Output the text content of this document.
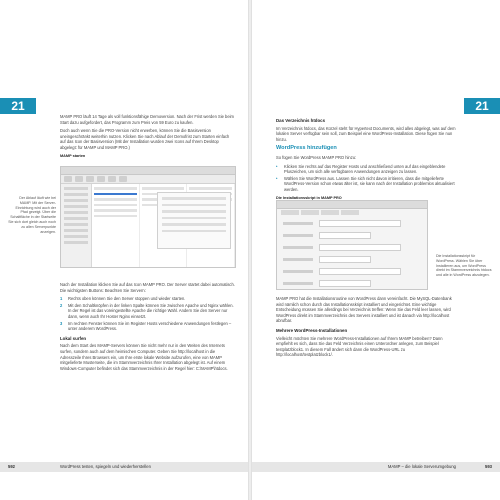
21

MAMP PRO läuft 14 Tage als voll funktionsfähige Demoversion. Nach der Frist werden Sie beim Start dazu aufgefordert, das Programm zum Preis von 59 Euro zu kaufen.

Doch auch wenn Sie die PRO-Version nicht erwerben, können Sie die Basisversion uneingeschränkt weiterhin nutzen. Klicken Sie nach Ablauf der Demofrist zum Starten einfach auf das Icon der Basisversion (Mit der Installation wurden zwei Icons auf Ihrem Desktop abgelegt: für MAMP und MAMP PRO.)

MAMP starten
Der Ablauf läuft wie bei MAMP. Mit der Server-Einrichtung wird auch der Pfad gezeigt. Über die Schaltfläche in der Startseite Sie sich dort gleich auch noch zu allen Serverpunkte anzeigen.

Nach der Installation klicken Sie auf das Icon MAMP PRO. Der Server startet dabei automatisch. Die wichtigsten Buttons: Beachten Sie Servern:

1 Rechts oben können Sie den Server stoppen und wieder starten.
2 Mit den Schaltknöpfen in der linken Spalte können Sie zwischen Apache und Nginx wählen. In der Regel ist das voreingestellte Apache die richtige Wahl. Andern Sie den Server nur dann, wenn auch Ihr Hoster Nginx einsetzt.
3 Im rechten Fenster können Sie im Register Hosts verschiedene Anwendungen festlegen – unter anderem WordPress.
Lokal surfen

Nach dem Start des MAMP-Servers können Sie nicht mehr nur in den Weiten des Internets surfen, sondern auch auf dem heimischen Computer. Geben Sie http://localhost in die Adresszeile Ihres Browsers ein, um Ihre erste lokale Website aufzurufen, eine von MAMP mitgelieferte Musterseite, die im Stammverzeichnis Ihrer Installation abgelegt ist. Auf einem Windows-Computer befindet sich das Stammverzeichnis in der Regel hier: C:\MAMP\htdocs.

592	WordPress testen, spiegeln und wiederherstellen
21
Das Verzeichnis htdocs

Im Verzeichnis htdocs, das Kürzel steht für Hypertext Documents, wird alles abgelegt, was auf dem lokalen Server verfügbar sein soll, zum Beispiel eine WordPress-Installation. Diese fügen Sie nun hinzu.

WordPress hinzufügen

So fügen Sie WordPress MAMP PRO hinzu:

• Klicken Sie rechts auf das Register Hosts und anschließend unten auf das eingeblendete Pluszeichen, um sich alle verfügbaren Anwendungen anzeigen zu lassen.
• Wählen Sie WordPress aus. Lassen Sie sich nicht davon irritieren, dass die mitgelieferte WordPress-Version schon etwas älter ist, sie kann nach der Installation problemlos aktualisiert werden.
Die Installationsskript in MAMP PRO
Die Installationsskript für WordPress. Wählen Sie über Installieren aus, um WordPress direkt im Stammverzeichnis htdocs und alle in WordPress abzulegen.

MAMP PRO hat die Installationsroutine von WordPress dann vereinfacht. Die MySQL-Datenbank wird nämlich schon durch das Installationsskript installiert und eingerichtet. Eine wichtige Entscheidung müssen Sie allerdings bei Verzeichnis treffen: Wenn Sie das Feld leer lassen, wird WordPress direkt im Stammverzeichnis des Servers installiert und ist danach via http://localhost abrufbar.

Mehrere WordPress-Installationen

Vielleicht möchten Sie mehrere WordPress-Installationen auf Ihrem MAMP betreiben? Dann empfiehlt es sich, dass Sie das Feld Verzeichnis einen Unterordner anlegen, zum Beispiel testplatzblock1. In diesem Fall ändert sich dann die WordPress-URL zu http://localhost/testplatzblock1/.

MAMP – die lokale Serverumgebung	593
